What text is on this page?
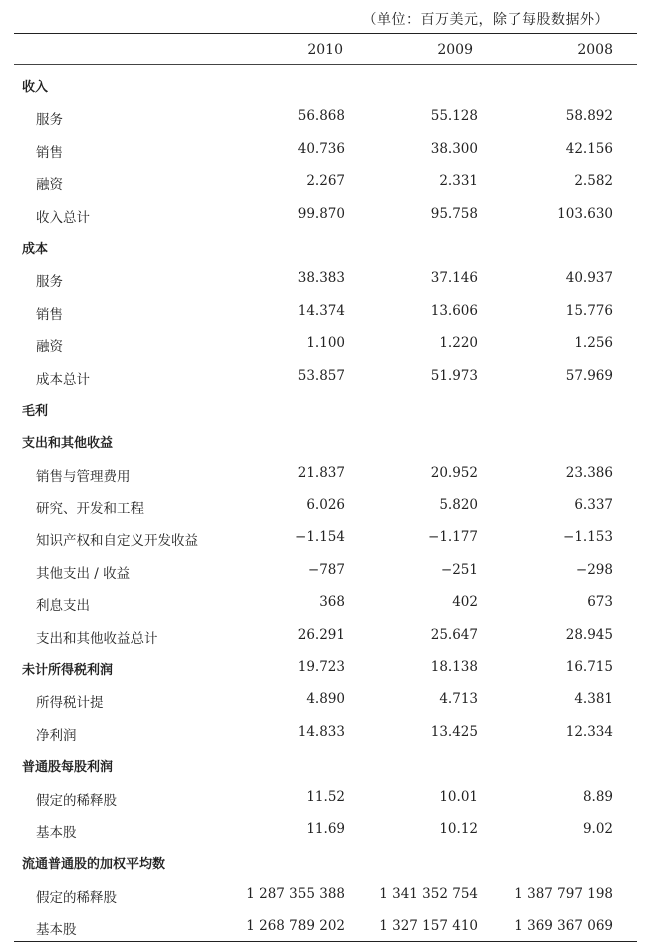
（单位：百万美元，除了每股数据外）
2010	2009	2008
收入
服务	56.868	55.128	58.892
销售	40.736	38.300	42.156
融资	2.267	2.331	2.582
收入总计	99.870	95.758	103.630
成本
服务	38.383	37.146	40.937
销售	14.374	13.606	15.776
融资	1.100	1.220	1.256
成本总计	53.857	51.973	57.969
毛利
支出和其他收益
销售与管理费用	21.837	20.952	23.386
研究、开发和工程	6.026	5.820	6.337
知识产权和自定义开发收益	−1.154	−1.177	−1.153
其他支出 / 收益	−787	−251	−298
利息支出	368	402	673
支出和其他收益总计	26.291	25.647	28.945
未计所得税利润	19.723	18.138	16.715
所得税计提	4.890	4.713	4.381
净利润	14.833	13.425	12.334
普通股每股利润
假定的稀释股	11.52	10.01	8.89
基本股	11.69	10.12	9.02
流通普通股的加权平均数
假定的稀释股	1 287 355 388	1 341 352 754	1 387 797 198
基本股	1 268 789 202	1 327 157 410	1 369 367 069
